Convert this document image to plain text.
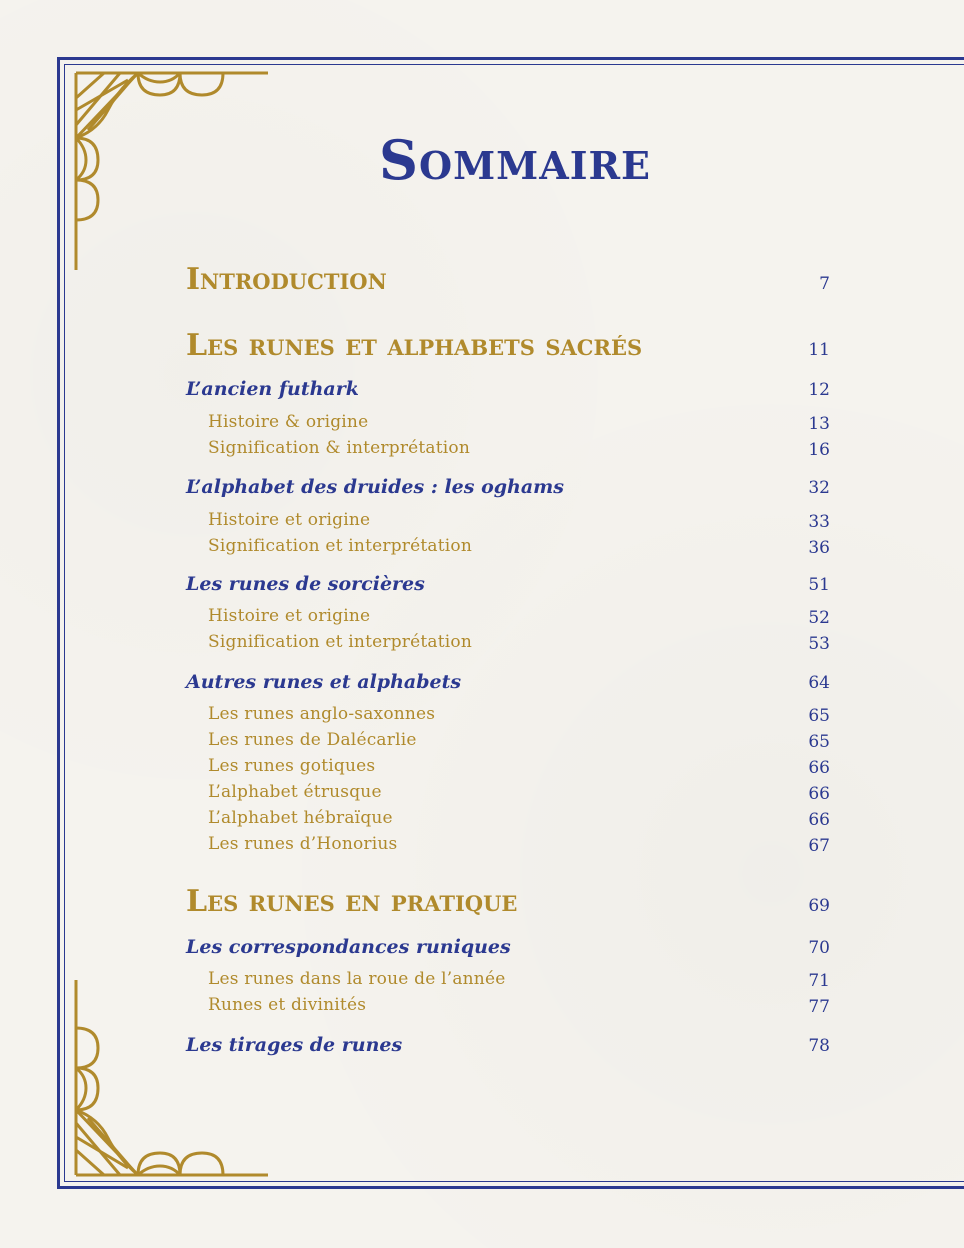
Sommaire
Introduction	7
Les runes et alphabets sacrés	11
L’ancien futhark	12
Histoire & origine	13
Signification & interprétation	16
L’alphabet des druides : les oghams	32
Histoire et origine	33
Signification et interprétation	36
Les runes de sorcières	51
Histoire et origine	52
Signification et interprétation	53
Autres runes et alphabets	64
Les runes anglo-saxonnes	65
Les runes de Dalécarlie	65
Les runes gotiques	66
L’alphabet étrusque	66
L’alphabet hébraïque	66
Les runes d’Honorius	67
Les runes en pratique	69
Les correspondances runiques	70
Les runes dans la roue de l’année	71
Runes et divinités	77
Les tirages de runes	78
